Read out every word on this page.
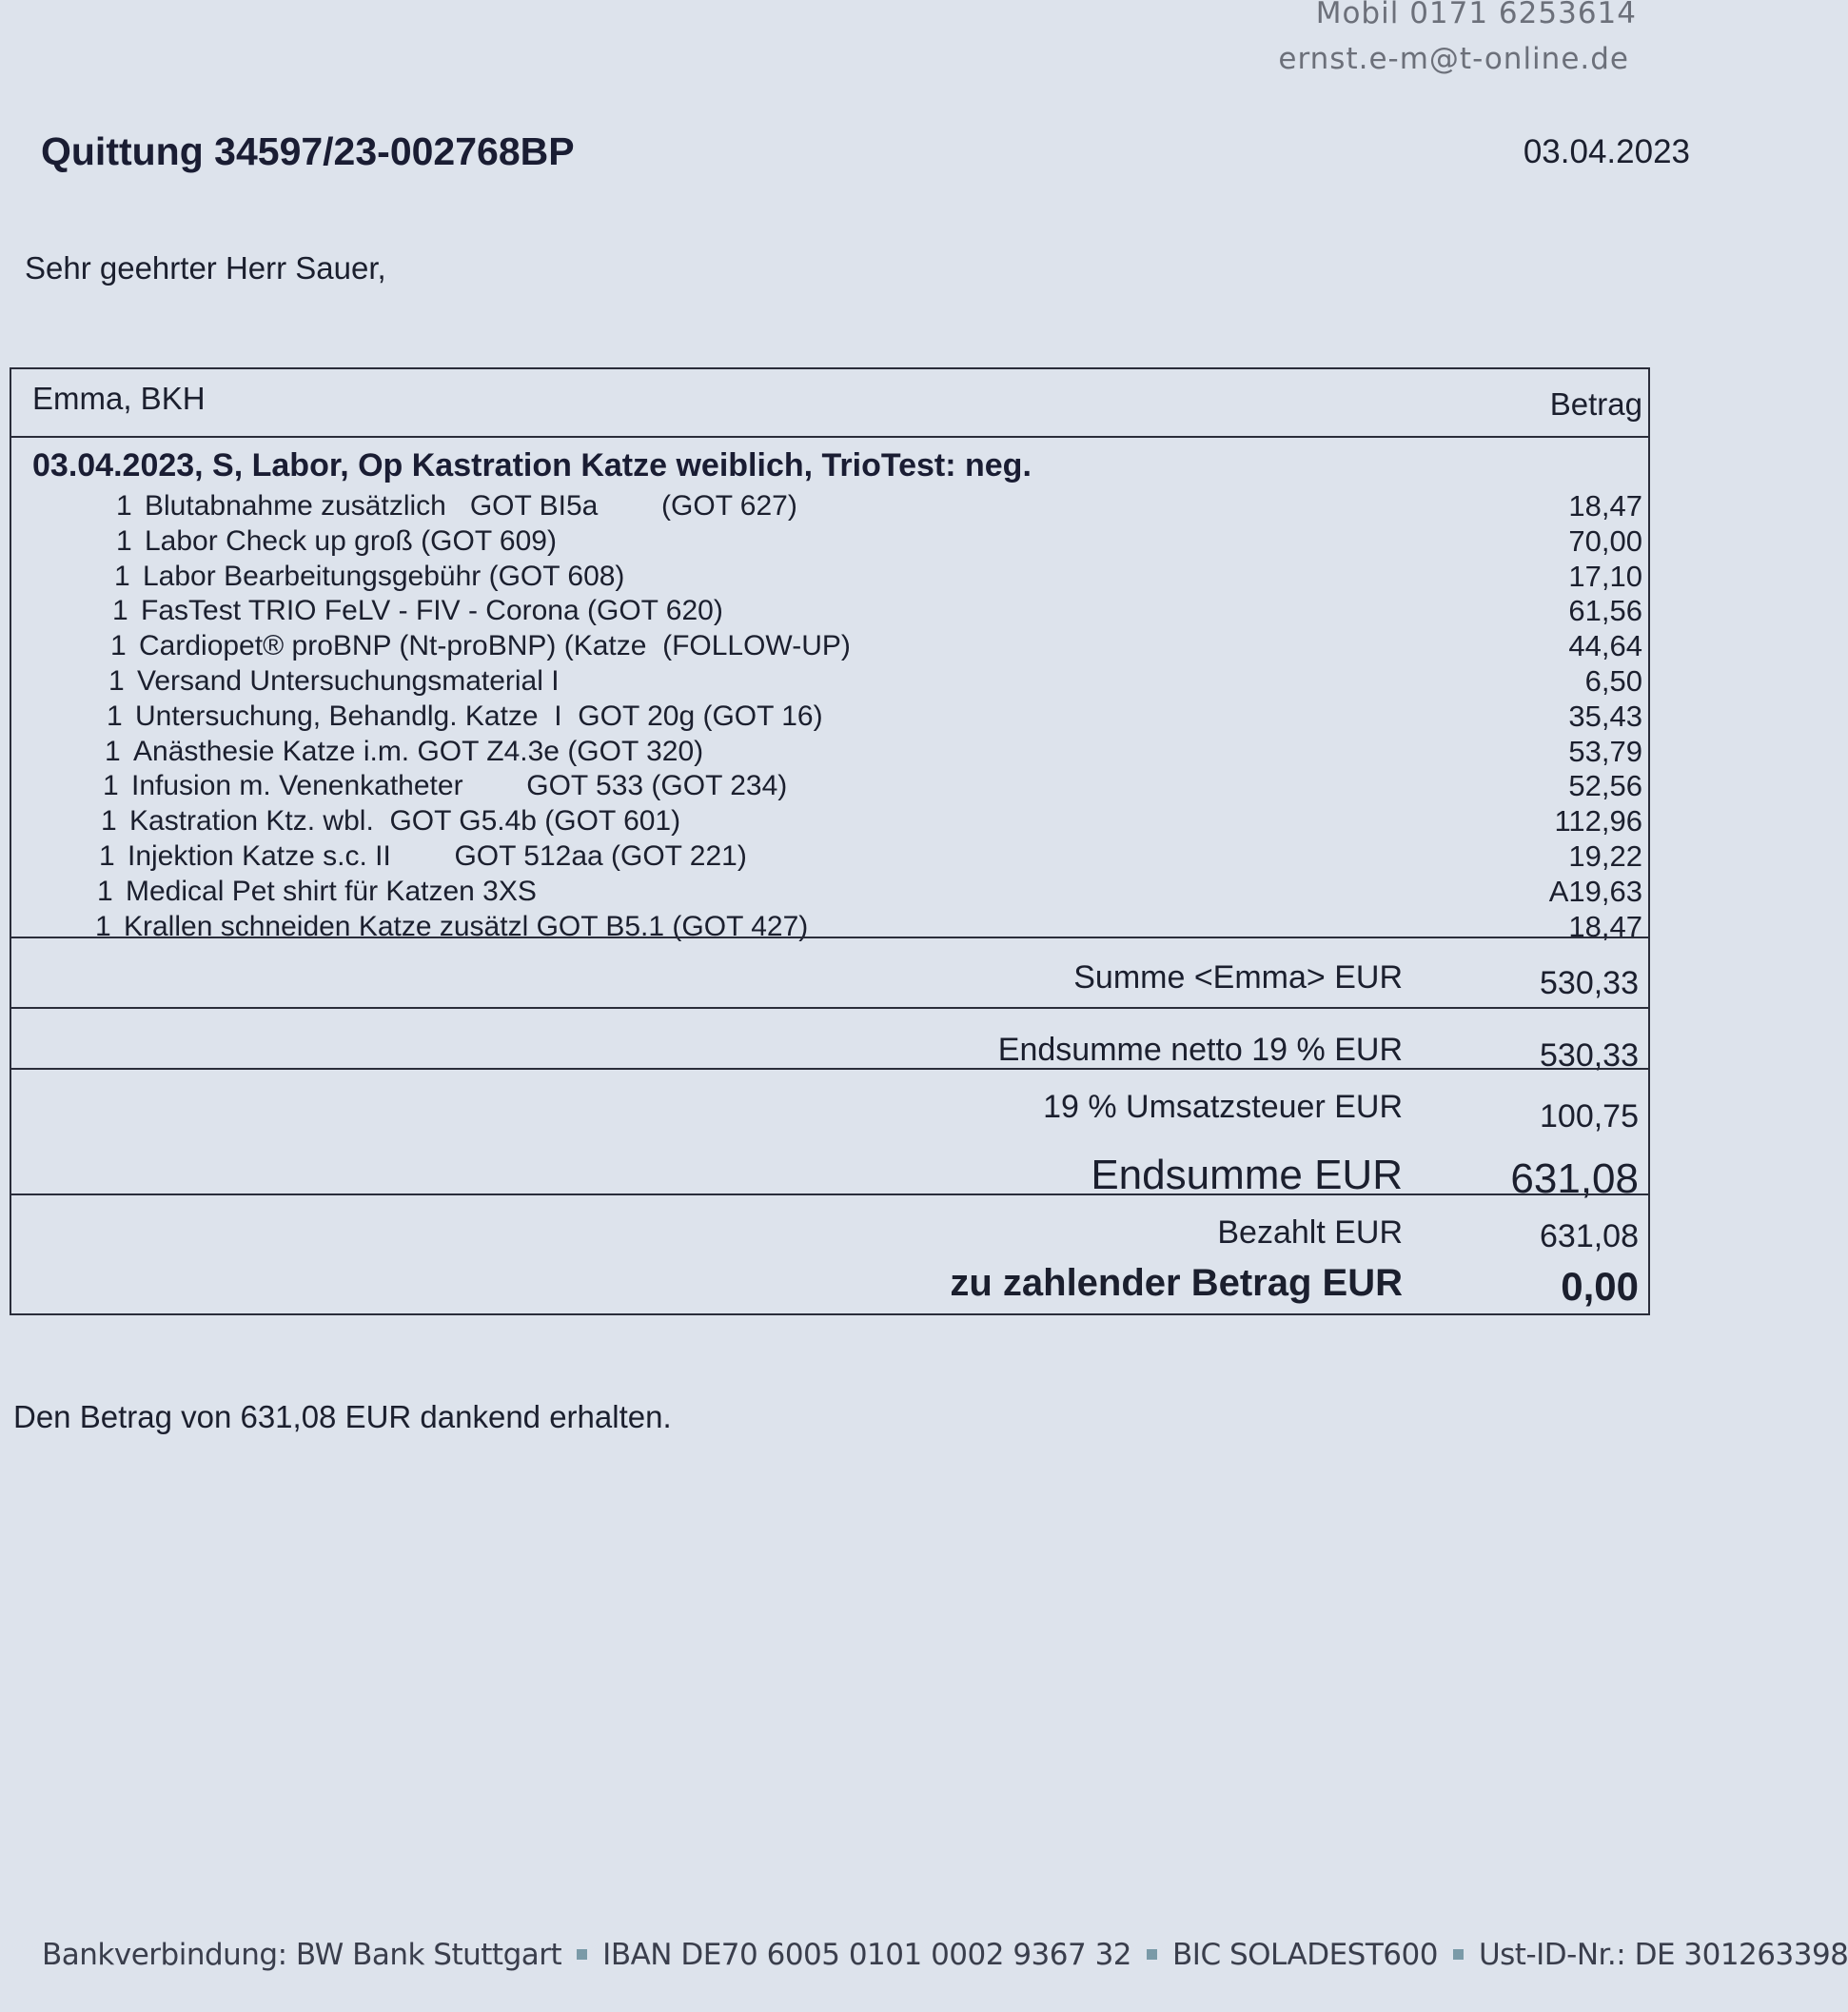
Mobil 0171 6253614
ernst.e-m@t-online.de
Quittung 34597/23-002768BP	03.04.2023
Sehr geehrter Herr Sauer,
Emma, BKH	Betrag
03.04.2023, S, Labor, Op Kastration Katze weiblich, TrioTest: neg.
1 Blutabnahme zusätzlich   GOT BI5a        (GOT 627)	18,47
1 Labor Check up groß (GOT 609)	70,00
1 Labor Bearbeitungsgebühr (GOT 608)	17,10
1 FasTest TRIO FeLV - FIV - Corona (GOT 620)	61,56
1 Cardiopet® proBNP (Nt-proBNP) (Katze  (FOLLOW-UP)	44,64
1 Versand Untersuchungsmaterial I	6,50
1 Untersuchung, Behandlg. Katze  I  GOT 20g (GOT 16)	35,43
1 Anästhesie Katze i.m. GOT Z4.3e (GOT 320)	53,79
1 Infusion m. Venenkatheter        GOT 533 (GOT 234)	52,56
1 Kastration Ktz. wbl.  GOT G5.4b (GOT 601)	112,96
1 Injektion Katze s.c. II        GOT 512aa (GOT 221)	19,22
1 Medical Pet shirt für Katzen 3XS	A19,63
1 Krallen schneiden Katze zusätzl GOT B5.1 (GOT 427)	18,47
Summe <Emma> EUR	530,33
Endsumme netto 19 % EUR	530,33
19 % Umsatzsteuer EUR	100,75
Endsumme EUR	631,08
Bezahlt EUR	631,08
zu zahlender Betrag EUR	0,00
Den Betrag von 631,08 EUR dankend erhalten.
Bankverbindung: BW Bank Stuttgart IBAN DE70 6005 0101 0002 9367 32 BIC SOLADEST600 Ust-ID-Nr.: DE 301263398
